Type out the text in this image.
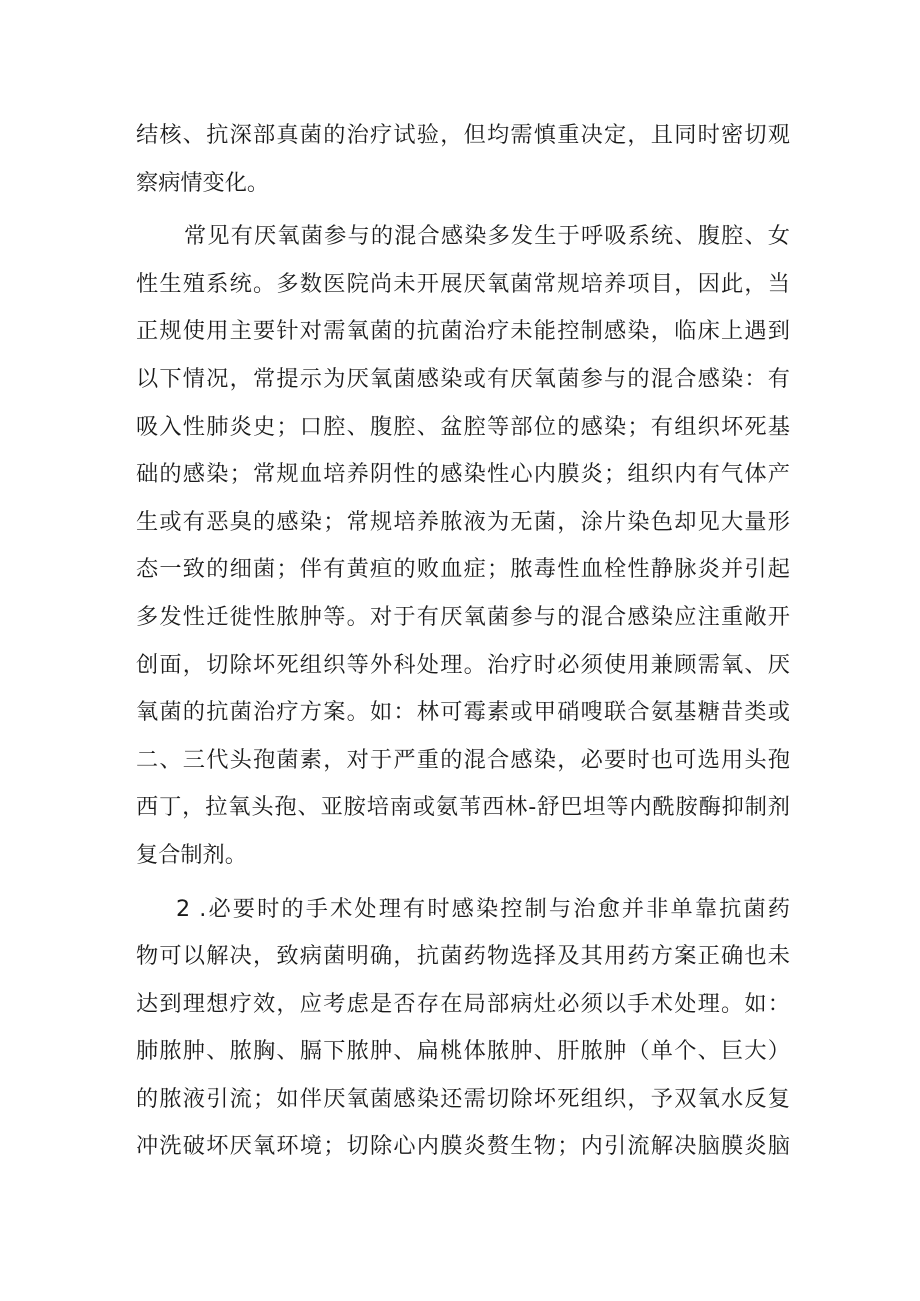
结核、抗深部真菌的治疗试验，但均需慎重决定，且同时密切观
察病情变化。
常见有厌氧菌参与的混合感染多发生于呼吸系统、腹腔、女
性生殖系统。多数医院尚未开展厌氧菌常规培养项目，因此，当
正规使用主要针对需氧菌的抗菌治疗未能控制感染，临床上遇到
以下情况，常提示为厌氧菌感染或有厌氧菌参与的混合感染：有
吸入性肺炎史；口腔、腹腔、盆腔等部位的感染；有组织坏死基
础的感染；常规血培养阴性的感染性心内膜炎；组织内有气体产
生或有恶臭的感染；常规培养脓液为无菌，涂片染色却见大量形
态一致的细菌；伴有黄疸的败血症；脓毒性血栓性静脉炎并引起
多发性迁徙性脓肿等。对于有厌氧菌参与的混合感染应注重敞开
创面，切除坏死组织等外科处理。治疗时必须使用兼顾需氧、厌
氧菌的抗菌治疗方案。如：林可霉素或甲硝嗖联合氨基糖昔类或
二、三代头孢菌素，对于严重的混合感染，必要时也可选用头孢
西丁，拉氧头孢、亚胺培南或氨苇西林-舒巴坦等内酰胺酶抑制剂
复合制剂。
2 .必要时的手术处理有时感染控制与治愈并非单靠抗菌药
物可以解决，致病菌明确，抗菌药物选择及其用药方案正确也未
达到理想疗效，应考虑是否存在局部病灶必须以手术处理。如：
肺脓肿、脓胸、膈下脓肿、扁桃体脓肿、肝脓肿（单个、巨大）
的脓液引流；如伴厌氧菌感染还需切除坏死组织，予双氧水反复
冲洗破坏厌氧环境；切除心内膜炎赘生物；内引流解决脑膜炎脑
